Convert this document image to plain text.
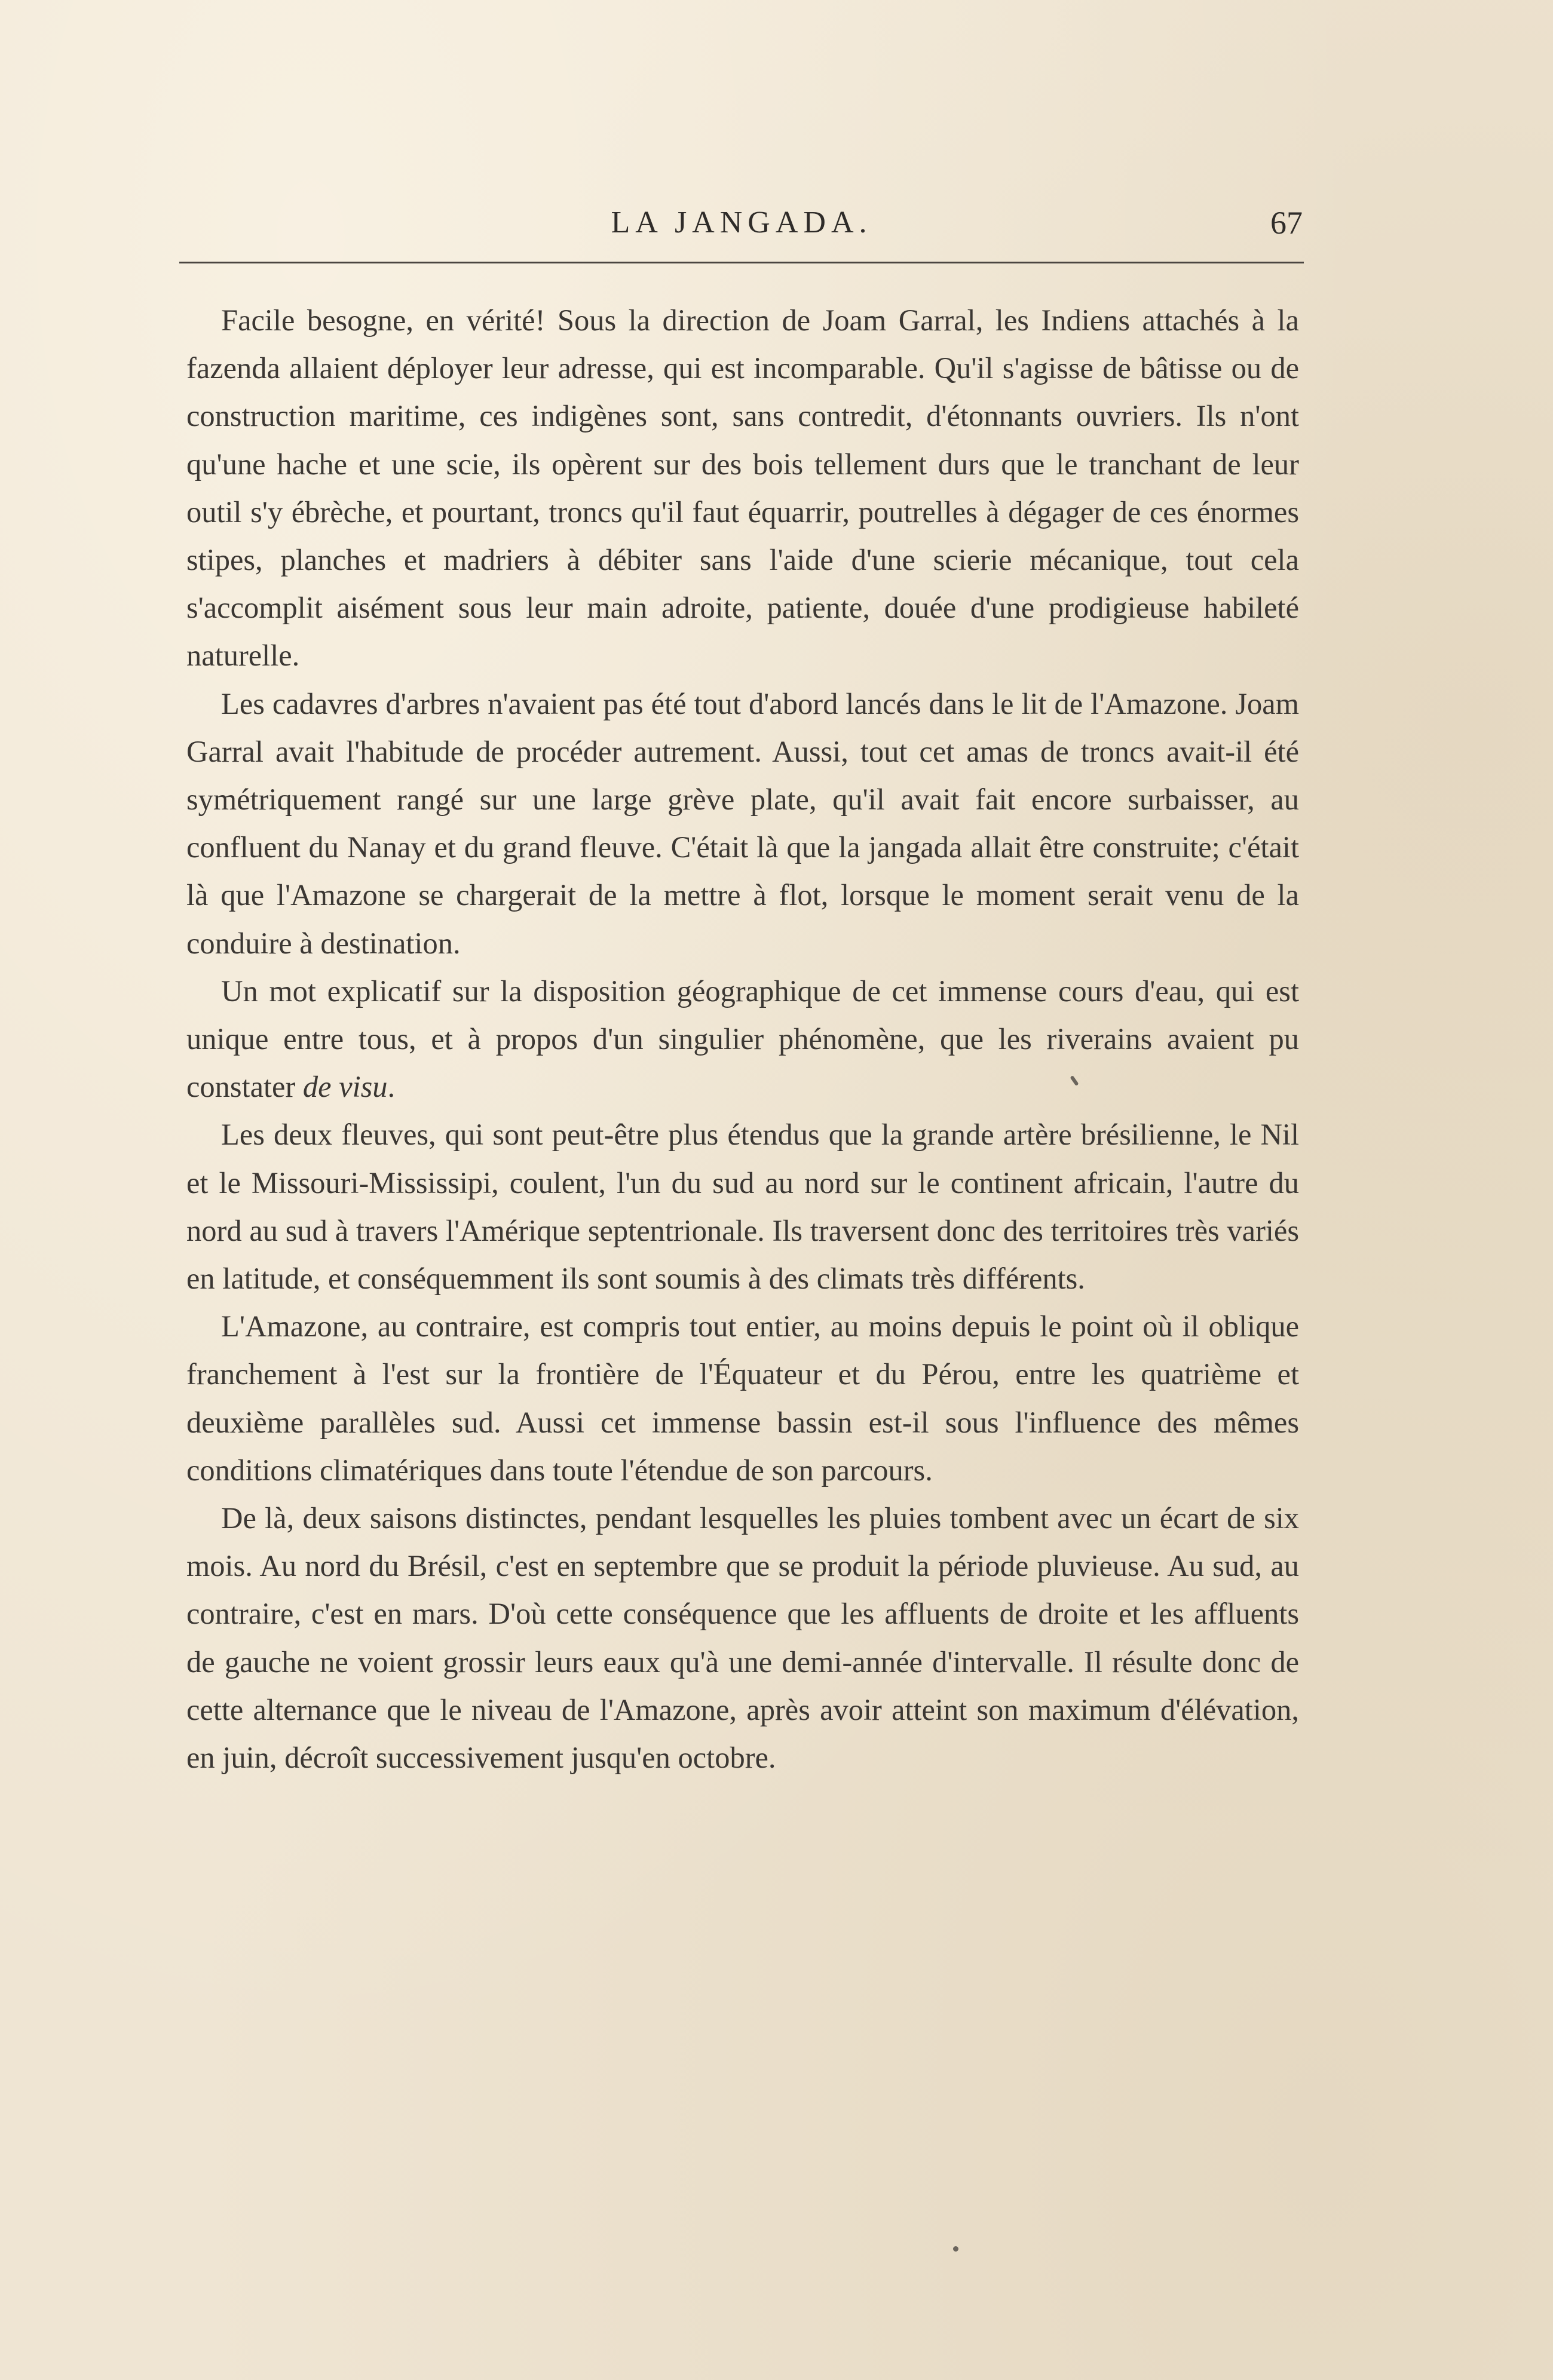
LA JANGADA.	67

Facile besogne, en vérité! Sous la direction de Joam Garral, les Indiens attachés à la fazenda allaient déployer leur adresse, qui est incomparable. Qu'il s'agisse de bâtisse ou de construction maritime, ces indigènes sont, sans contredit, d'étonnants ouvriers. Ils n'ont qu'une hache et une scie, ils opèrent sur des bois tellement durs que le tranchant de leur outil s'y ébrèche, et pourtant, troncs qu'il faut équarrir, poutrelles à dégager de ces énormes stipes, planches et madriers à débiter sans l'aide d'une scierie mécanique, tout cela s'accomplit aisément sous leur main adroite, patiente, douée d'une prodigieuse habileté naturelle.

Les cadavres d'arbres n'avaient pas été tout d'abord lancés dans le lit de l'Amazone. Joam Garral avait l'habitude de procéder autrement. Aussi, tout cet amas de troncs avait-il été symétriquement rangé sur une large grève plate, qu'il avait fait encore surbaisser, au confluent du Nanay et du grand fleuve. C'était là que la jangada allait être construite; c'était là que l'Amazone se chargerait de la mettre à flot, lorsque le moment serait venu de la conduire à destination.

Un mot explicatif sur la disposition géographique de cet immense cours d'eau, qui est unique entre tous, et à propos d'un singulier phénomène, que les riverains avaient pu constater de visu.

Les deux fleuves, qui sont peut-être plus étendus que la grande artère brésilienne, le Nil et le Missouri-Mississipi, coulent, l'un du sud au nord sur le continent africain, l'autre du nord au sud à travers l'Amérique septentrionale. Ils traversent donc des territoires très variés en latitude, et conséquemment ils sont soumis à des climats très différents.

L'Amazone, au contraire, est compris tout entier, au moins depuis le point où il oblique franchement à l'est sur la frontière de l'Équateur et du Pérou, entre les quatrième et deuxième parallèles sud. Aussi cet immense bassin est-il sous l'influence des mêmes conditions climatériques dans toute l'étendue de son parcours.

De là, deux saisons distinctes, pendant lesquelles les pluies tombent avec un écart de six mois. Au nord du Brésil, c'est en septembre que se produit la période pluvieuse. Au sud, au contraire, c'est en mars. D'où cette conséquence que les affluents de droite et les affluents de gauche ne voient grossir leurs eaux qu'à une demi-année d'intervalle. Il résulte donc de cette alternance que le niveau de l'Amazone, après avoir atteint son maximum d'élévation, en juin, décroît successivement jusqu'en octobre.
